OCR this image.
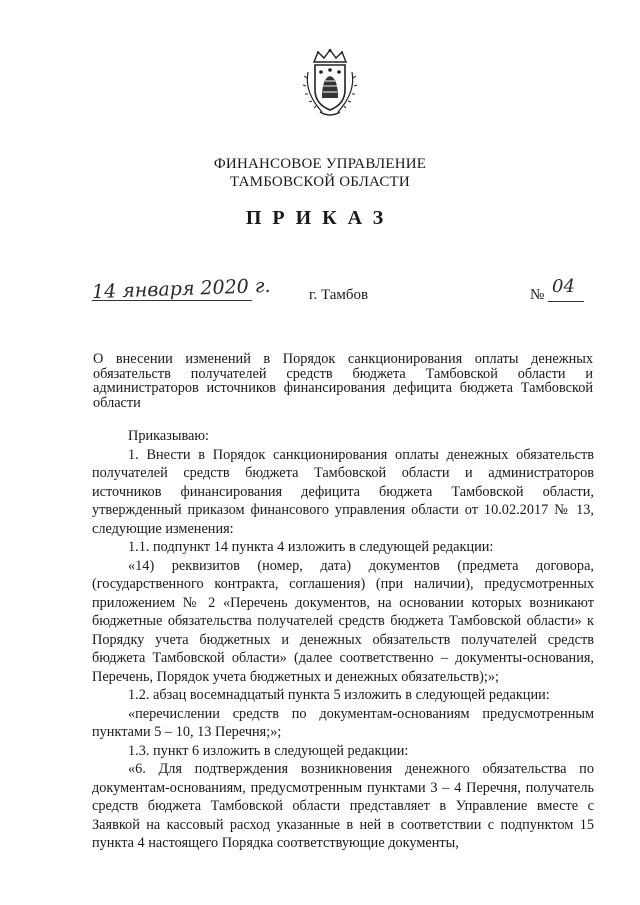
ФИНАНСОВОЕ УПРАВЛЕНИЕ
ТАМБОВСКОЙ ОБЛАСТИ
ПРИКАЗ
14 января 2020 г.	г. Тамбов	№ 04
О внесении изменений в Порядок санкционирования оплаты денежных обязательств получателей средств бюджета Тамбовской области и администраторов источников финансирования дефицита бюджета Тамбовской области

Приказываю:

1. Внести в Порядок санкционирования оплаты денежных обязательств получателей средств бюджета Тамбовской области и администраторов источников финансирования дефицита бюджета Тамбовской области, утвержденный приказом финансового управления области от 10.02.2017 № 13, следующие изменения:

1.1. подпункт 14 пункта 4 изложить в следующей редакции:

«14) реквизитов (номер, дата) документов (предмета договора, (государственного контракта, соглашения) (при наличии), предусмотренных приложением № 2 «Перечень документов, на основании которых возникают бюджетные обязательства получателей средств бюджета Тамбовской области» к Порядку учета бюджетных и денежных обязательств получателей средств бюджета Тамбовской области» (далее соответственно – документы-основания, Перечень, Порядок учета бюджетных и денежных обязательств);»;

1.2. абзац восемнадцатый пункта 5 изложить в следующей редакции:

«перечислении средств по документам-основаниям предусмотренным пунктами 5 – 10, 13 Перечня;»;

1.3. пункт 6 изложить в следующей редакции:

«6. Для подтверждения возникновения денежного обязательства по документам-основаниям, предусмотренным пунктами 3 – 4 Перечня, получатель средств бюджета Тамбовской области представляет в Управление вместе с Заявкой на кассовый расход указанные в ней в соответствии с подпунктом 15 пункта 4 настоящего Порядка соответствующие документы,
